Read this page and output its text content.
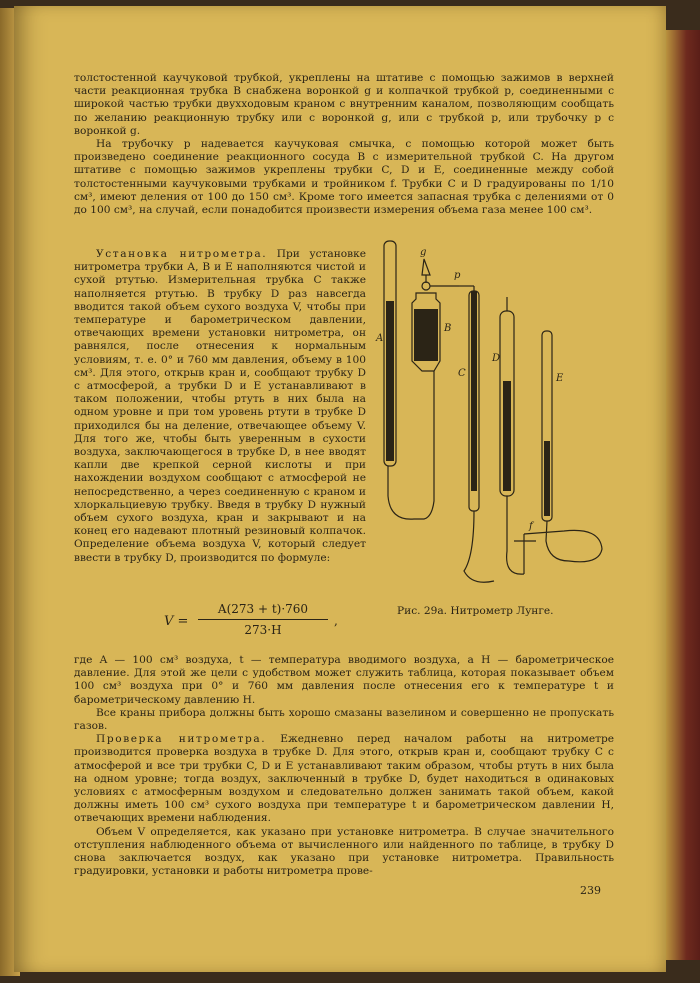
толстостенной каучуковой трубкой, укреплены на штативе с помощью зажимов в верхней части реакционная трубка B снабжена воронкой g и колпачкой трубкой p, соединенными с широкой частью трубки двухходовым краном с внутренним каналом, позволяющим сообщать по желанию реакционную трубку или с воронкой g, или с трубкой p, или трубочку p с воронкой g.

На трубочку p надевается каучуковая смычка, с помощью которой может быть произведено соединение реакционного сосуда B с измерительной трубкой C. На другом штативе с помощью зажимов укреплены трубки C, D и E, соединенные между собой толстостенными каучуковыми трубками и тройником f. Трубки C и D градуированы по 1/10 см³, имеют деления от 100 до 150 см³. Кроме того имеется запасная трубка с делениями от 0 до 100 см³, на случай, если понадобится произвести измерения объема газа менее 100 см³.

Установка нитрометра. При установке нитрометра трубки A, B и E наполняются чистой и сухой ртутью. Измерительная трубка C также наполняется ртутью. В трубку D раз навсегда вводится такой объем сухого воздуха V, чтобы при температуре и барометрическом давлении, отвечающих времени установки нитрометра, он равнялся, после отнесения к нормальным условиям, т. е. 0° и 760 мм давления, объему в 100 см³. Для этого, открыв кран и, сообщают трубку D с атмосферой, а трубки D и E устанавливают в таком положении, чтобы ртуть в них была на одном уровне и при том уровень ртути в трубке D приходился бы на деление, отвечающее объему V. Для того же, чтобы быть уверенным в сухости воздуха, заключающегося в трубке D, в нее вводят капли две крепкой серной кислоты и при нахождении воздухом сообщают с атмосферой не непосредственно, а через соединенную с краном и хлоркальциевую трубку. Введя в трубку D нужный объем сухого воздуха, кран и закрывают и на конец его надевают плотный резиновый колпачок. Определение объема воздуха V, который следует ввести в трубку D, производится по формуле:

V =
A(273 + t)·760
273·H
,
g
p
A
B
C
D
E
f
Рис. 29а. Нитрометр Лунге.

где A — 100 см³ воздуха, t — температура вводимого воздуха, а H — барометрическое давление. Для этой же цели с удобством может служить таблица, которая показывает объем 100 см³ воздуха при 0° и 760 мм давления после отнесения его к температуре t и барометрическому давлению H.

Все краны прибора должны быть хорошо смазаны вазелином и совершенно не пропускать газов.

Проверка нитрометра. Ежедневно перед началом работы на нитрометре производится проверка воздуха в трубке D. Для этого, открыв кран и, сообщают трубку C с атмосферой и все три трубки C, D и E устанавливают таким образом, чтобы ртуть в них была на одном уровне; тогда воздух, заключенный в трубке D, будет находиться в одинаковых условиях с атмосферным воздухом и следовательно должен занимать такой объем, какой должны иметь 100 см³ сухого воздуха при температуре t и барометрическом давлении H, отвечающих времени наблюдения.

Объем V определяется, как указано при установке нитрометра. В случае значительного отступления наблюденного объема от вычисленного или найденного по таблице, в трубку D снова заключается воздух, как указано при установке нитрометра. Правильность градуировки, установки и работы нитрометра прове-

239
